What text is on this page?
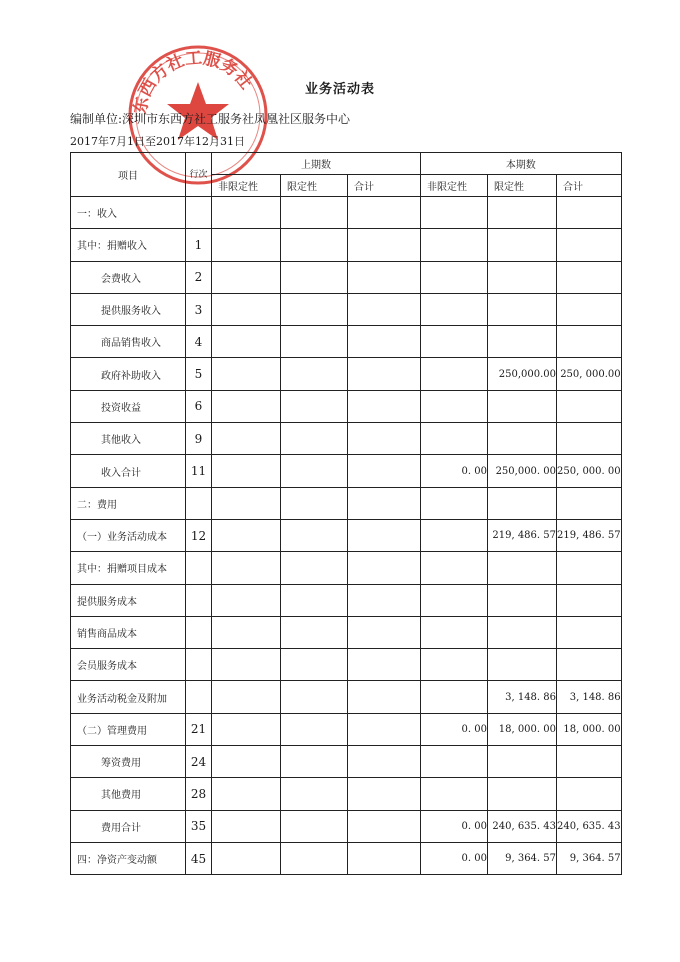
东西方社工服务社	业务活动表
编制单位:深圳市东西方社工服务社凤凰社区服务中心
2017年7月1日至2017年12月31日
项目	行次	上期数			本期数		
		非限定性	限定性	合计	非限定性	限定性	合计
一：收入							
其中：捐赠收入	1						
会费收入	2						
提供服务收入	3						
商品销售收入	4						
政府补助收入	5					250,000.00	250, 000.00
投资收益	6						
其他收入	9						
收入合计	11				0. 00	250,000. 00	250, 000. 00
二：费用							
（一）业务活动成本	12					219, 486. 57	219, 486. 57
其中：捐赠项目成本							
提供服务成本							
销售商品成本							
会员服务成本							
业务活动税金及附加						3, 148. 86	3, 148. 86
（二）管理费用	21				0. 00	18, 000. 00	18, 000. 00
筹资费用	24						
其他费用	28						
费用合计	35				0. 00	240, 635. 43	240, 635. 43
四：净资产变动额	45				0. 00	9, 364. 57	9, 364. 57
